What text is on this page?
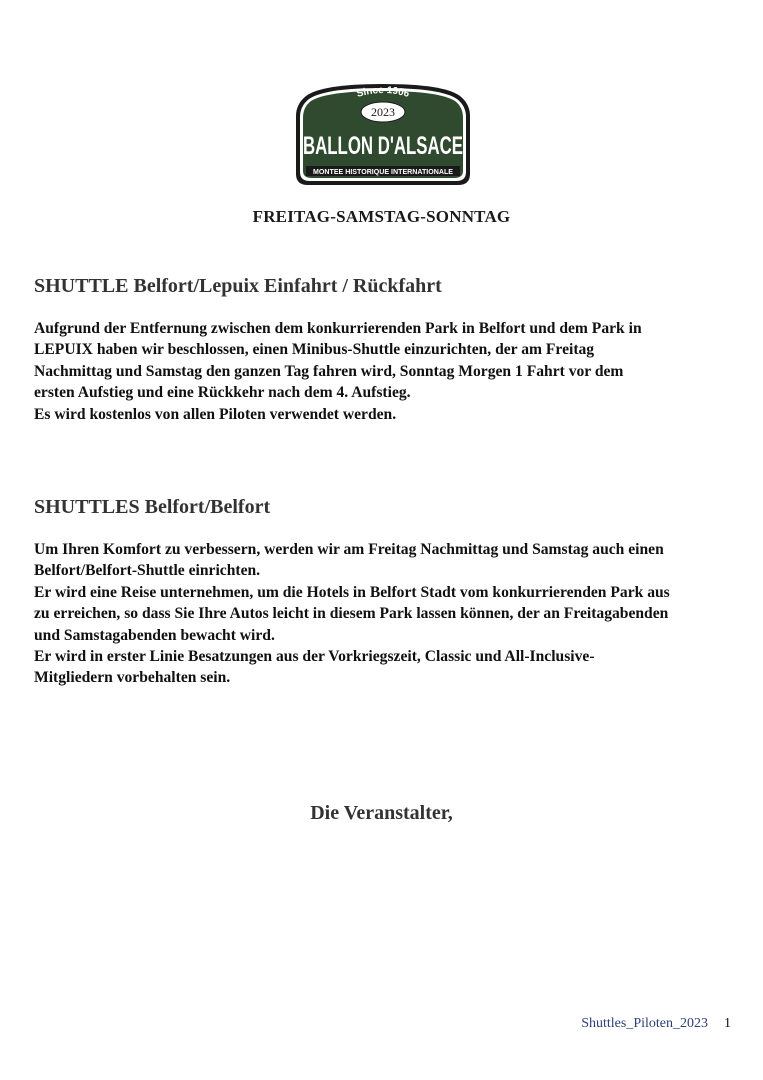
Since 1906
2023
BALLON D'ALSACE
MONTEE HISTORIQUE INTERNATIONALE
FREITAG-SAMSTAG-SONNTAG
SHUTTLE Belfort/Lepuix Einfahrt / Rückfahrt

Aufgrund der Entfernung zwischen dem konkurrierenden Park in Belfort und dem Park in
LEPUIX haben wir beschlossen, einen Minibus-Shuttle einzurichten, der am Freitag
Nachmittag und Samstag den ganzen Tag fahren wird, Sonntag Morgen 1 Fahrt vor dem
ersten Aufstieg und eine Rückkehr nach dem 4. Aufstieg.
Es wird kostenlos von allen Piloten verwendet werden.

SHUTTLES Belfort/Belfort

Um Ihren Komfort zu verbessern, werden wir am Freitag Nachmittag und Samstag auch einen
Belfort/Belfort-Shuttle einrichten.
Er wird eine Reise unternehmen, um die Hotels in Belfort Stadt vom konkurrierenden Park aus
zu erreichen, so dass Sie Ihre Autos leicht in diesem Park lassen können, der an Freitagabenden
und Samstagabenden bewacht wird.
Er wird in erster Linie Besatzungen aus der Vorkriegszeit, Classic und All-Inclusive-
Mitgliedern vorbehalten sein.

Die Veranstalter,
Shuttles_Piloten_2023 1
